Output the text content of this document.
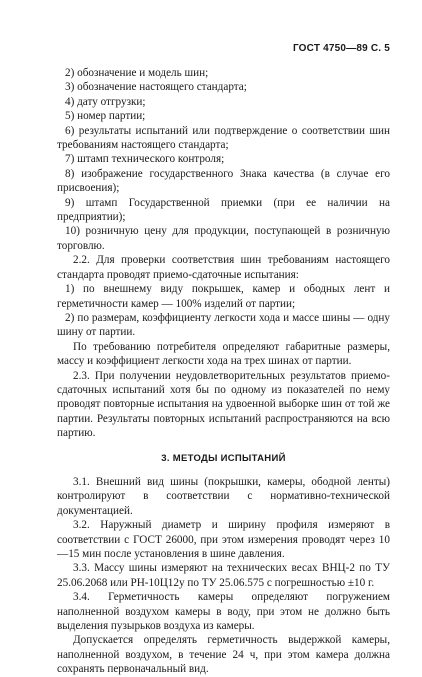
ГОСТ 4750—89 С. 5

2) обозначение и модель шин;

3) обозначение настоящего стандарта;

4) дату отгрузки;

5) номер партии;

6) результаты испытаний или подтверждение о соответствии шин требованиям настоящего стандарта;

7) штамп технического контроля;

8) изображение государственного Знака качества (в случае его присвоения);

9) штамп Государственной приемки (при ее наличии на предприятии);

10) розничную цену для продукции, поступающей в розничную торговлю.

2.2. Для проверки соответствия шин требованиям настоящего стандарта проводят приемо-сдаточные испытания:

1) по внешнему виду покрышек, камер и ободных лент и герметичности камер — 100% изделий от партии;

2) по размерам, коэффициенту легкости хода и массе шины — одну шину от партии.

По требованию потребителя определяют габаритные размеры, массу и коэффициент легкости хода на трех шинах от партии.

2.3. При получении неудовлетворительных результатов приемо-сдаточных испытаний хотя бы по одному из показателей по нему проводят повторные испытания на удвоенной выборке шин от той же партии. Результаты повторных испытаний распространяются на всю партию.

3. МЕТОДЫ ИСПЫТАНИЙ

3.1. Внешний вид шины (покрышки, камеры, ободной ленты) контролируют в соответствии с нормативно-технической документацией.

3.2. Наружный диаметр и ширину профиля измеряют в соответствии с ГОСТ 26000, при этом измерения проводят через 10—15 мин после установления в шине давления.

3.3. Массу шины измеряют на технических весах ВНЦ-2 по ТУ 25.06.2068 или РН-10Ц12у по ТУ 25.06.575 с погрешностью ±10 г.

3.4. Герметичность камеры определяют погружением наполненной воздухом камеры в воду, при этом не должно быть выделения пузырьков воздуха из камеры.

Допускается определять герметичность выдержкой камеры, наполненной воздухом, в течение 24 ч, при этом камера должна сохранять первоначальный вид.
